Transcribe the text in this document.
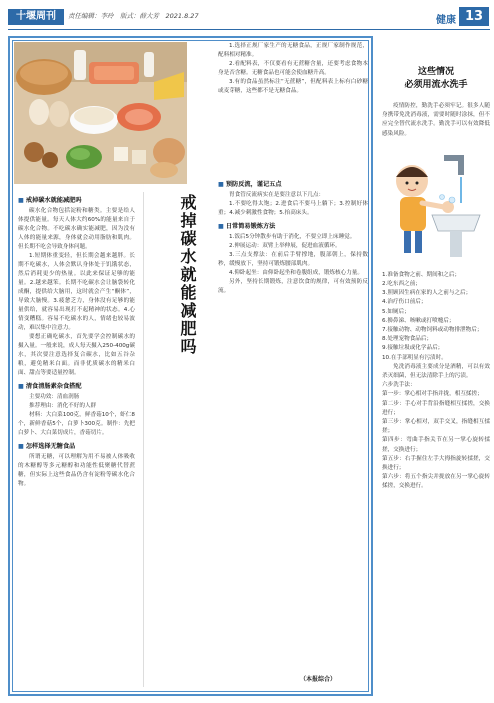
十堰周刊	责任编辑：李玲　版式：薛大芳　2021.8.27	健康 13
戒掉碳水就能减肥吗
■ 戒掉碳水就能减肥吗

碳水化合物包括淀粉和糖类。主要是给人体提供能量。每天人体大约60%的能量来自于碳水化合物。不吃碳水确实能减肥，因为没有人体的能量来源，身体就会动用脂肪和肌肉。但长期不吃会导致身体问题。

1.短期体重变轻，但长期会越来越胖。长期不吃碳水，人体会默认身体处于饥饿状态，然后消耗更少的热量。以此来保证足够的能量。2.越来越笨。长期不吃碳水会让脑袋转化成酮，提供给大脑用，这时就会产生“酮体”，导致大脑慢。3.疲惫乏力，身体没有足够的能量供给，就容易出现打不起精神的状态。4.心情变糟糕。容易不吃碳水的人，情绪也较易波动，难以集中注意力。

要想正确吃碳水，首先要学会控制碳水的摄入量。一般来说，成人每天摄入250-400g碳水，其次要注意选择复合碳水，比如五谷杂粮，避免精米白面。而非优质碳水的精米白面、甜点等要适量控制。

■ 清食清肠素杂食搭配

主要功效：清血润肠

推荐理由：消化不好的人群

材料：大白菜100克，鲜香菇10个，虾仁8个，新鲜香菇5个，白萝卜300克。制作：先把白萝卜、大白菜切成片，香菇切片。

■ 怎样选择无糖食品

所谓无糖，可以理解为用不易被人体吸收的木糖醇等多元糖醇和功能性低聚糖代替蔗糖，但实际上这些食品仍含有淀粉等碳水化合物。

1.选择正规厂家生产的无糖食品，正规厂家制作规范，配料相对精准。

2.看配料表，不仅要看有无蔗糖含量，还要考虑食物本身是否含糖。无糖食品也可能会使血糖升高。

3.有的食品虽然标注“无蔗糖”，但配料表上标有白砂糖或麦芽糖，这些都不是无糖食品。

■ 预防反流，谨记五点

胃食管反流病实在是要注意以下几点：

1.不要吃得太饱；2.进食后不要马上躺下；3.控制好体重；4.减少刺激性食物；5.抬高床头。

■ 日常简易锻炼方法

1.饭后5分钟散步有助于消化，不要立即上床睡觉。

2.伸展运动：双臂上举伸展，促进血液循环。

3.三点支撑法：在前后手臂撑地，腹部朝上，保持数秒，缓慢放下，坚持可锻炼腰部肌肉。

4.仰卧起坐：由仰卧起坐和卷腹组成，锻炼核心力量。

另外，坚持长期锻炼，注意饮食的规律，可有效预防反流。

（本报综合）
这些情况
必须用流水洗手

疫情防控，勤洗手必须牢记。很多人随身携带免洗消毒液，需要时随时涂抹，但不应完全替代流水洗手。勤洗手可以有效降低感染风险。

1.准备食物之前、期间和之后；
2.吃东西之前；
3.照顾因生病在家的人之前与之后；
4.治疗伤口前后；
5.如厕后；
6.擤鼻涕、咳嗽或打喷嚏后；
7.接触动物、动物饲料或动物排泄物后；
8.处理宠物食品后；
9.接触垃圾或化学品后；
10.在手部明显有污渍时。

免洗消毒液主要成分是酒精，可以有效杀灭细菌，但无法清除手上的污渍。

六步洗手法：
第一步：掌心相对手指并拢，相互揉搓；
第二步：手心对手背沿指缝相互揉搓，交换进行；
第三步：掌心相对，双手交叉，指缝相互揉搓；
第四步：弯曲手指关节在另一掌心旋转揉搓，交换进行；
第五步：右手握住左手大拇指旋转揉搓，交换进行；
第六步：将五个指尖并拢放在另一掌心旋转揉搓，交换进行。
